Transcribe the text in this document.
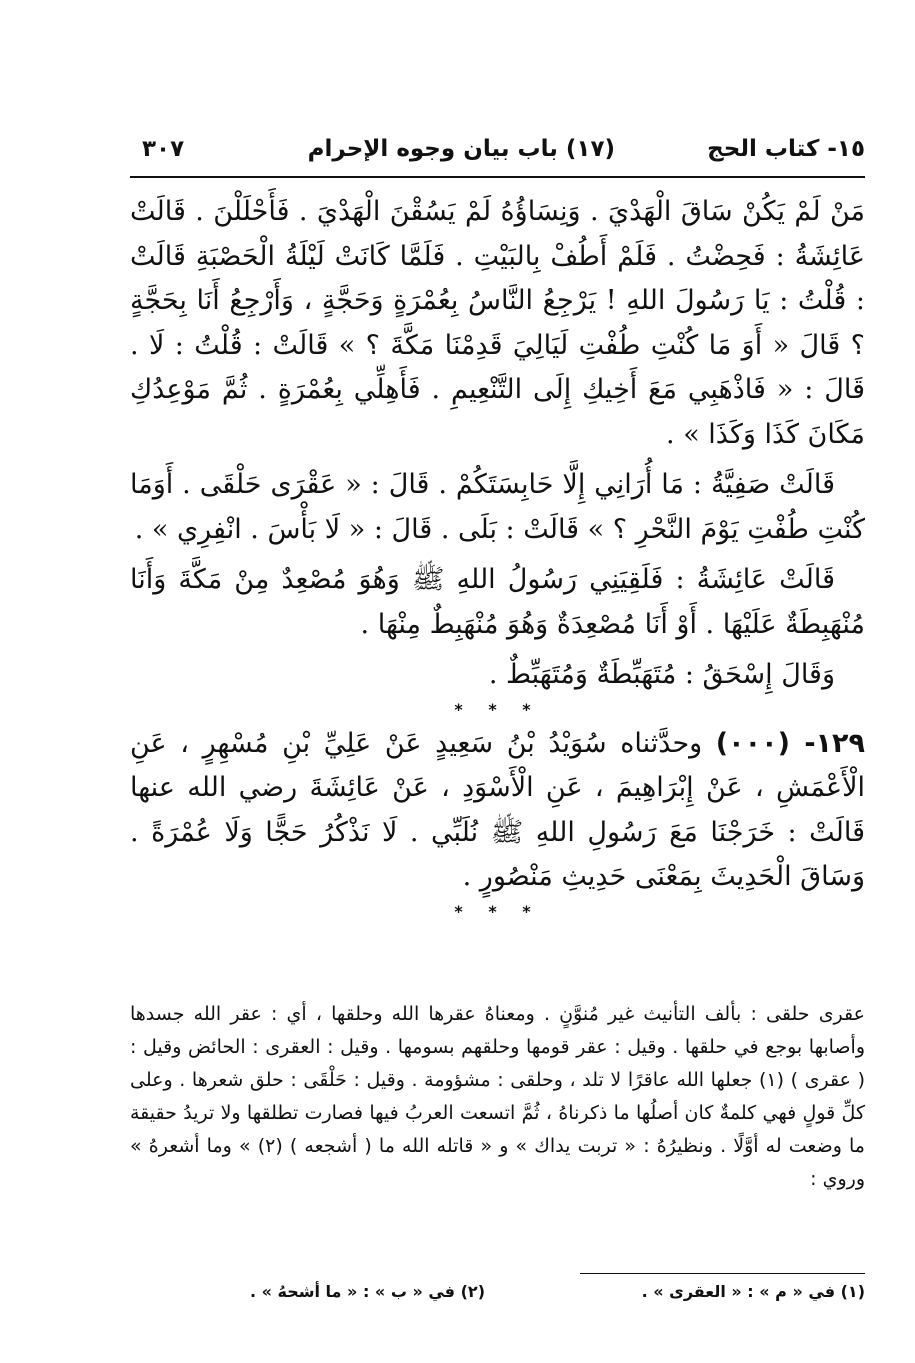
١٥- كتاب الحج
(١٧) باب بيان وجوه الإحرام
٣٠٧

مَنْ لَمْ يَكُنْ سَاقَ الْهَدْيَ . وَنِسَاؤُهُ لَمْ يَسُقْنَ الْهَدْيَ . فَأَحْلَلْنَ . قَالَتْ عَائِشَةُ : فَحِضْتُ . فَلَمْ أَطُفْ بِالبَيْتِ . فَلَمَّا كَانَتْ لَيْلَةُ الْحَصْبَةِ قَالَتْ : قُلْتُ : يَا رَسُولَ اللهِ ! يَرْجِعُ النَّاسُ بِعُمْرَةٍ وَحَجَّةٍ ، وَأَرْجِعُ أَنَا بِحَجَّةٍ ؟ قَالَ « أَوَ مَا كُنْتِ طُفْتِ لَيَالِيَ قَدِمْنَا مَكَّةَ ؟ » قَالَتْ : قُلْتُ : لَا . قَالَ : « فَاذْهَبِي مَعَ أَخِيكِ إِلَى التَّنْعِيمِ . فَأَهِلِّي بِعُمْرَةٍ . ثُمَّ مَوْعِدُكِ مَكَانَ كَذَا وَكَذَا » .

قَالَتْ صَفِيَّةُ : مَا أُرَانِي إِلَّا حَابِسَتَكُمْ . قَالَ : « عَقْرَى حَلْقَى . أَوَمَا كُنْتِ طُفْتِ يَوْمَ النَّحْرِ ؟ » قَالَتْ : بَلَى . قَالَ : « لَا بَأْسَ . انْفِرِي » .

قَالَتْ عَائِشَةُ : فَلَقِيَنِي رَسُولُ اللهِ ﷺ وَهُوَ مُصْعِدٌ مِنْ مَكَّةَ وَأَنَا مُنْهَبِطَةٌ عَلَيْهَا . أَوْ أَنَا مُصْعِدَةٌ وَهُوَ مُنْهَبِطٌ مِنْهَا .

وَقَالَ إِسْحَقُ : مُتَهَبِّطَةٌ وَمُتَهَبِّطٌ .

* * *

١٢٩- (٠٠٠) وحدَّثناه سُوَيْدُ بْنُ سَعِيدٍ عَنْ عَلِيِّ بْنِ مُسْهِرٍ ، عَنِ الْأَعْمَشِ ، عَنْ إِبْرَاهِيمَ ، عَنِ الْأَسْوَدِ ، عَنْ عَائِشَةَ رضي الله عنها قَالَتْ : خَرَجْنَا مَعَ رَسُولِ اللهِ ﷺ نُلَبِّي . لَا نَذْكُرُ حَجًّا وَلَا عُمْرَةً . وَسَاقَ الْحَدِيثَ بِمَعْنَى حَدِيثِ مَنْصُورٍ .

* * *

عقرى حلقى : بألف التأنيث غير مُنوَّنٍ . ومعناهُ عقرها الله وحلقها ، أي : عقر الله جسدها وأصابها بوجع في حلقها . وقيل : عقر قومها وحلقهم بسومها . وقيل : العقرى : الحائض وقيل : ( عقرى ) (١) جعلها الله عاقرًا لا تلد ، وحلقى : مشؤومة . وقيل : حَلْقَى : حلق شعرها . وعلى كلِّ قولٍ فهي كلمةٌ كان أصلُها ما ذكرناهُ ، ثُمَّ اتسعت العربُ فيها فصارت تطلقها ولا تريدُ حقيقة ما وضعت له أوَّلًا . ونظيرُهُ : « تربت يداك » و « قاتله الله ما ( أشجعه ) (٢) » وما أشعرهُ » وروي :

(١) في « م » : « العقرى » .
(٢) في « ب » : « ما أشحهُ » .
